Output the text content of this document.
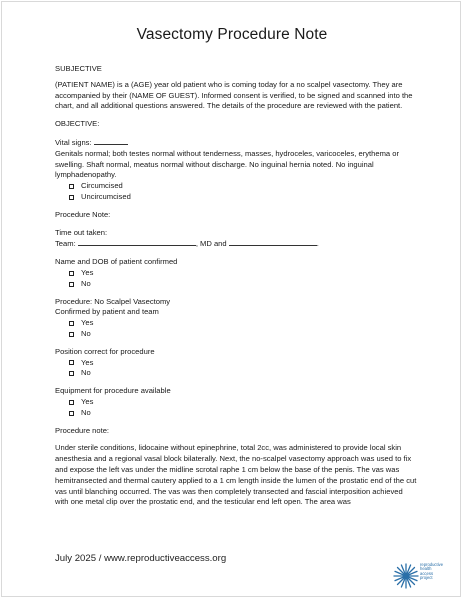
Vasectomy Procedure Note

SUBJECTIVE

(PATIENT NAME) is a (AGE) year old patient who is coming today for a no scalpel vasectomy. They are accompanied by their (NAME OF GUEST). Informed consent is verified, to be signed and scanned into the chart, and all additional questions answered. The details of the procedure are reviewed with the patient.

OBJECTIVE:

Vital signs:

Genitals normal; both testes normal without tenderness, masses, hydroceles, varicoceles, erythema or swelling. Shaft normal, meatus normal without discharge. No inguinal hernia noted. No inguinal lymphadenopathy.

Circumcised
Uncircumcised

Procedure Note:

Time out taken:

Team:	, MD and	.

Name and DOB of patient confirmed

Yes
No

Procedure: No Scalpel Vasectomy

Confirmed by patient and team

Yes
No

Position correct for procedure

Yes
No

Equipment for procedure available

Yes
No

Procedure note:

Under sterile conditions, lidocaine without epinephrine, total 2cc, was administered to provide local skin anesthesia and a regional vasal block bilaterally. Next, the no-scalpel vasectomy approach was used to fix and expose the left vas under the midline scrotal raphe 1 cm below the base of the penis. The vas was hemitransected and thermal cautery applied to a 1 cm length inside the lumen of the prostatic end of the cut vas until blanching occurred. The vas was then completely transected and fascial interposition achieved with one metal clip over the prostatic end, and the testicular end left open. The area was

July 2025 / www.reproductiveaccess.org
reproductive
health
access
project
